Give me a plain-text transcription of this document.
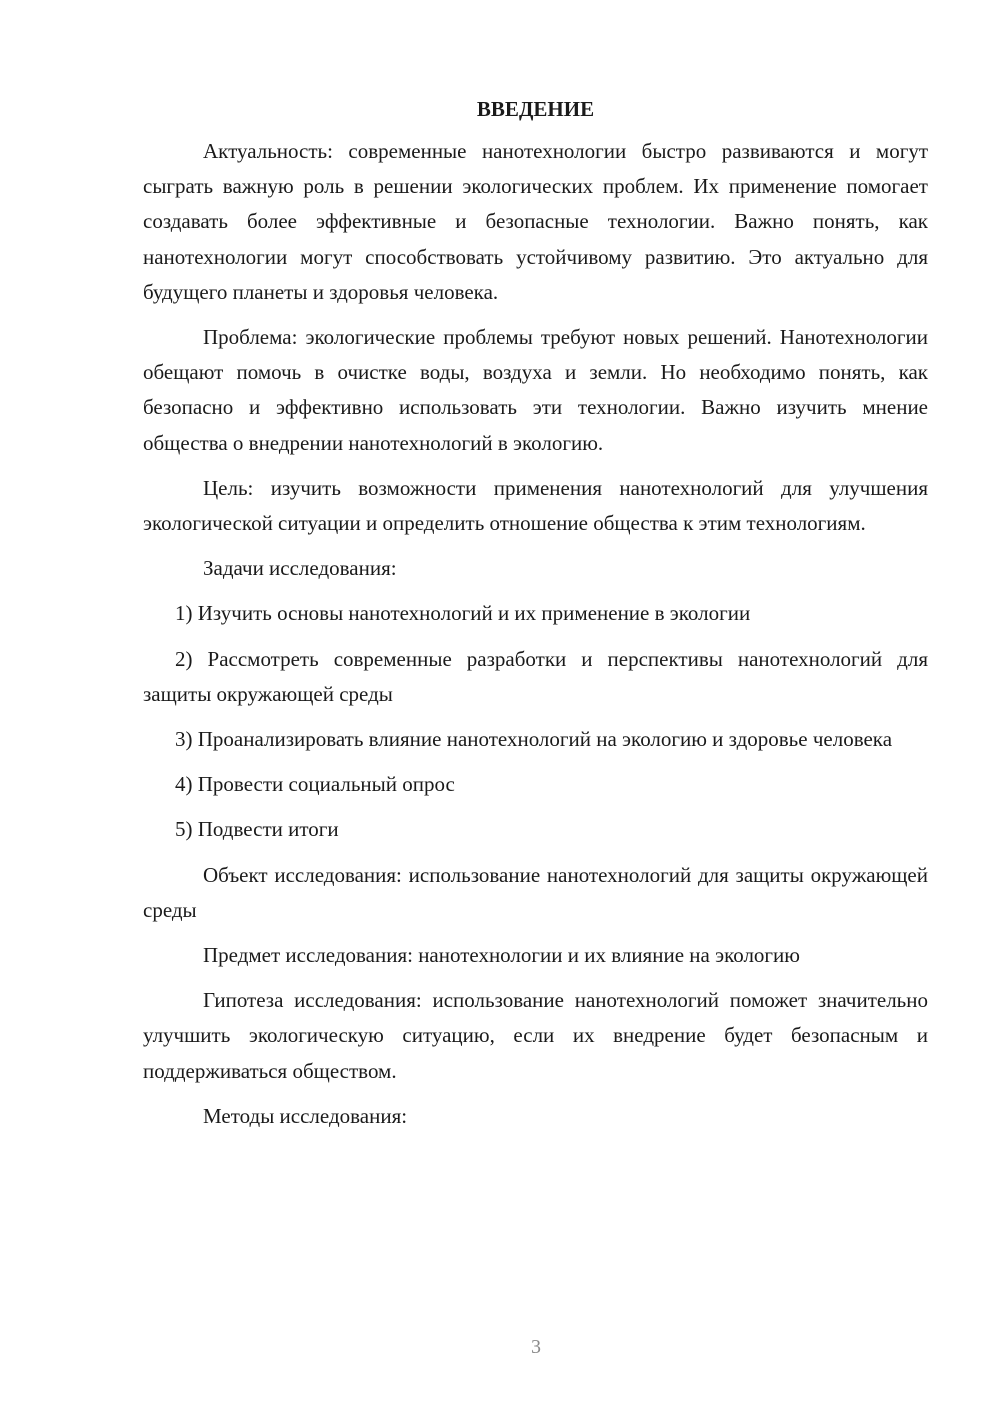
ВВЕДЕНИЕ

Актуальность: современные нанотехнологии быстро развиваются и могут сыграть важную роль в решении экологических проблем. Их применение помогает создавать более эффективные и безопасные технологии. Важно понять, как нанотехнологии могут способствовать устойчивому развитию. Это актуально для будущего планеты и здоровья человека.

Проблема: экологические проблемы требуют новых решений. Нанотехнологии обещают помочь в очистке воды, воздуха и земли. Но необходимо понять, как безопасно и эффективно использовать эти технологии. Важно изучить мнение общества о внедрении нанотехнологий в экологию.

Цель: изучить возможности применения нанотехнологий для улучшения экологической ситуации и определить отношение общества к этим технологиям.

Задачи исследования:

1) Изучить основы нанотехнологий и их применение в экологии

2) Рассмотреть современные разработки и перспективы нанотехнологий для защиты окружающей среды

3) Проанализировать влияние нанотехнологий на экологию и здоровье человека

4) Провести социальный опрос

5) Подвести итоги

Объект исследования: использование нанотехнологий для защиты окружающей среды

Предмет исследования: нанотехнологии и их влияние на экологию

Гипотеза исследования: использование нанотехнологий поможет значительно улучшить экологическую ситуацию, если их внедрение будет безопасным и поддерживаться обществом.

Методы исследования:

3
